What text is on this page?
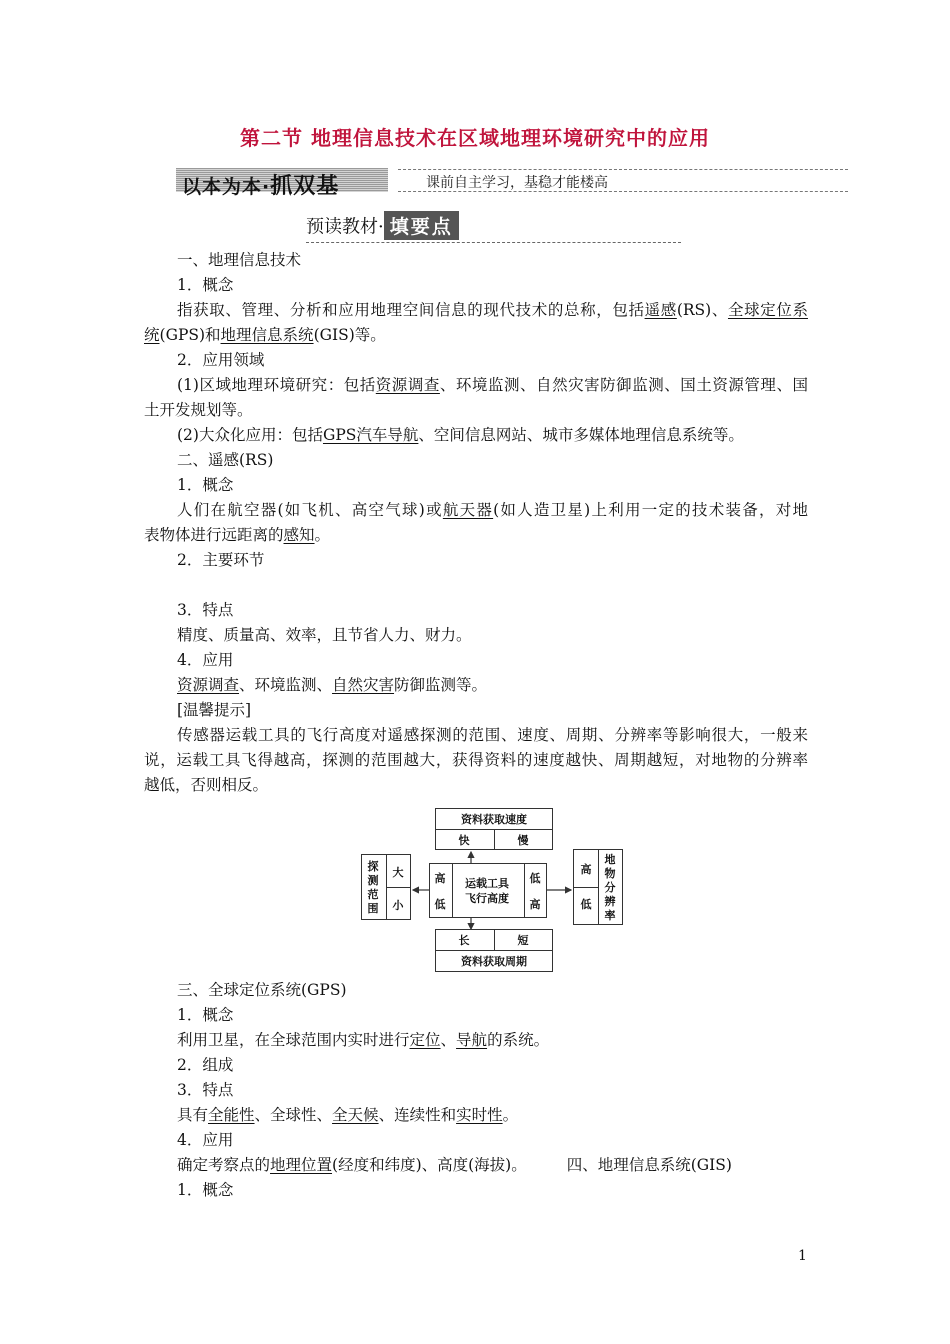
第二节 地理信息技术在区域地理环境研究中的应用
以本为本·抓双基	课前自主学习，基稳才能楼高
预读教材· 填要点
一、地理信息技术
1．概念
指获取、管理、分析和应用地理空间信息的现代技术的总称，包括遥感(RS)、全球定位系
统(GPS)和地理信息系统(GIS)等。
2．应用领域
(1)区域地理环境研究：包括资源调查、环境监测、自然灾害防御监测、国土资源管理、国
土开发规划等。
(2)大众化应用：包括GPS汽车导航、空间信息网站、城市多媒体地理信息系统等。
二、遥感(RS)
1．概念
人们在航空器(如飞机、高空气球)或航天器(如人造卫星)上利用一定的技术装备，对地
表物体进行远距离的感知。
2．主要环节
3．特点
精度、质量高、效率，且节省人力、财力。
4．应用
资源调查、环境监测、自然灾害防御监测等。
[温馨提示]
传感器运载工具的飞行高度对遥感探测的范围、速度、周期、分辨率等影响很大，一般来
说，运载工具飞得越高，探测的范围越大，获得资料的速度越快、周期越短，对地物的分辨率
越低，否则相反。
资料获取速度
快	慢
高
低
运载工具
飞行高度
低
高
探测范围
大
小
高
低
地物分辨率
长	短
资料获取周期
三、全球定位系统(GPS)
1．概念
利用卫星，在全球范围内实时进行定位、导航的系统。
2．组成
3．特点
具有全能性、全球性、全天候、连续性和实时性。
4．应用
确定考察点的地理位置(经度和纬度)、高度(海拔)。	四、地理信息系统(GIS)
1．概念
1
